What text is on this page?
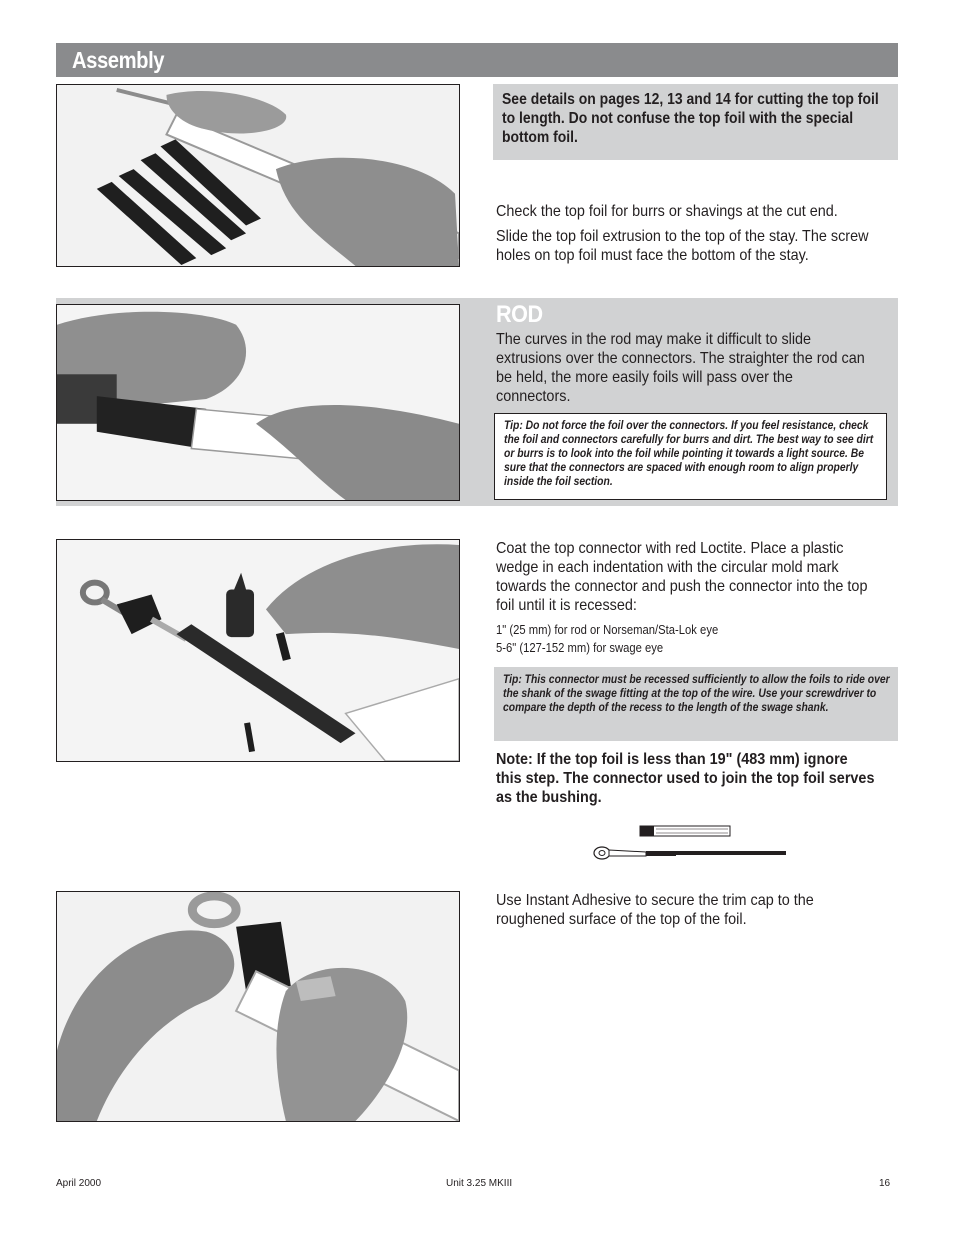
Assembly
See details on pages 12, 13 and 14 for cutting the top foil to length. Do not confuse the top foil with the special bottom foil.

Check the top foil for burrs or shavings at the cut end.

Slide the top foil extrusion to the top of the stay. The screw holes on top foil must face the bottom of the stay.

ROD
The curves in the rod may make it difficult to slide extrusions over the connectors. The straighter the rod can be held, the more easily foils will pass over the connectors.
Tip: Do not force the foil over the connectors. If you feel resistance, check the foil and connectors carefully for burrs and dirt. The best way to see dirt or burrs is to look into the foil while pointing it towards a light source. Be sure that the connectors are spaced with enough room to align properly inside the foil section.
Coat the top connector with red Loctite. Place a plastic wedge in each indentation with the circular mold mark towards the connector and push the connector into the top foil until it is recessed:
1" (25 mm) for rod or Norseman/Sta-Lok eye
5-6" (127-152 mm) for swage eye
Tip: This connector must be recessed sufficiently to allow the foils to ride over the shank of the swage fitting at the top of the wire. Use your screwdriver to compare the depth of the recess to the length of the swage shank.
Note: If the top foil is less than 19" (483 mm) ignore this step. The connector used to join the top foil serves as the bushing.
Use Instant Adhesive to secure the trim cap to the roughened surface of the top of the foil.
April 2000	Unit 3.25 MKIII	16
